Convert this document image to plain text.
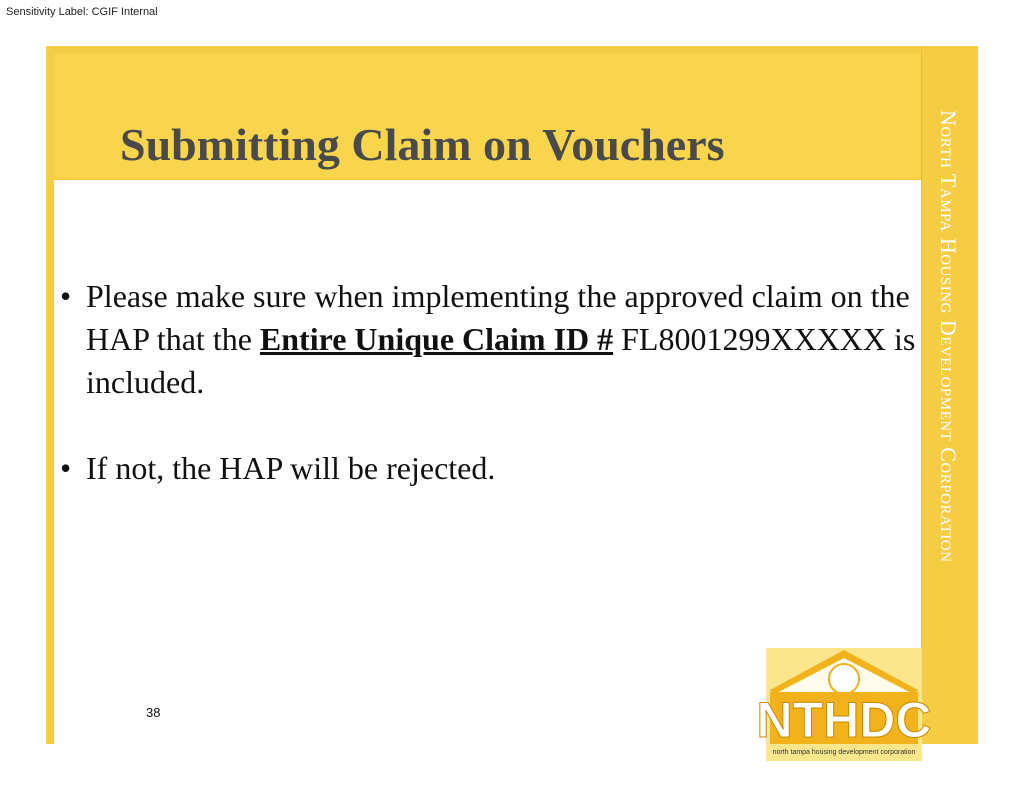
Sensitivity Label: CGIF Internal
Submitting Claim on Vouchers
• Please make sure when implementing the approved claim on the HAP that the Entire Unique Claim ID # FL8001299XXXXX is included.
• If not, the HAP will be rejected.	North Tampa Housing Development Corporation
38	NTHDC
north tampa housing development corporation
